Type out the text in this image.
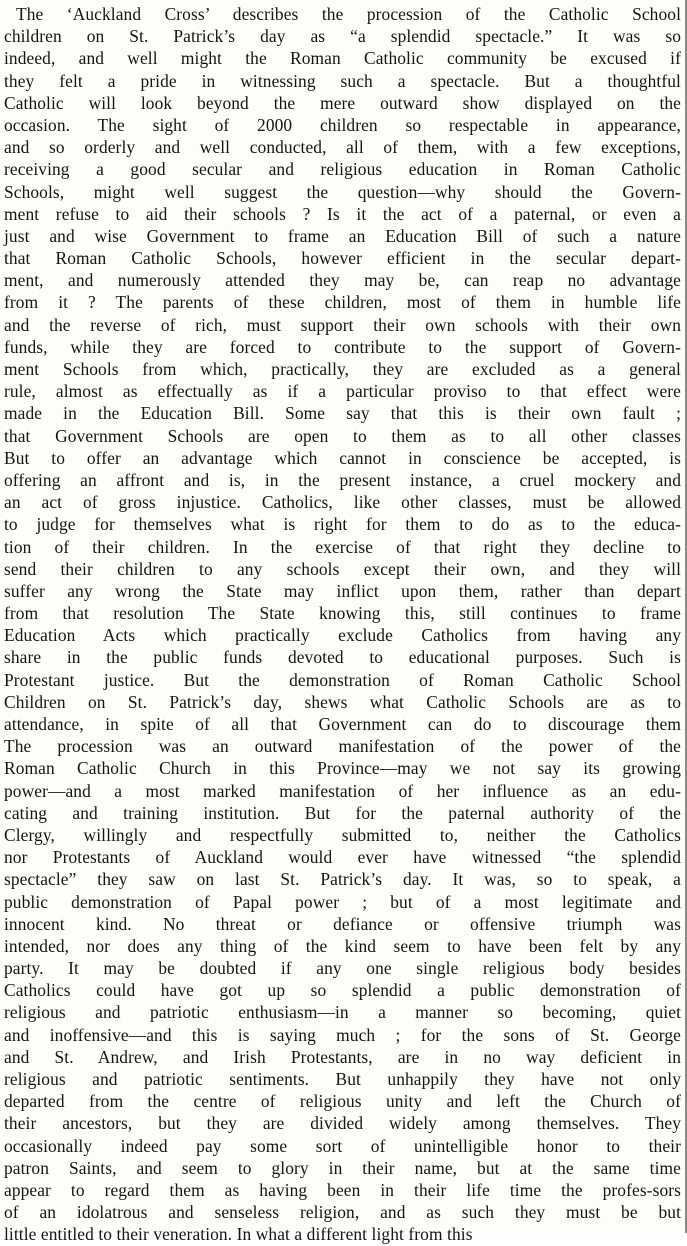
The ‘Auckland Cross’ describes the procession of the Catholic School
children on St. Patrick’s day as “a splendid spectacle.” It was so
indeed, and well might the Roman Catholic community be excused if
they felt a pride in witnessing such a spectacle. But a thoughtful
Catholic will look beyond the mere outward show displayed on the
occasion. The sight of 2000 children so respectable in appearance,
and so orderly and well conducted, all of them, with a few exceptions,
receiving a good secular and religious education in Roman Catholic
Schools, might well suggest the question—why should the Govern-
ment refuse to aid their schools ? Is it the act of a paternal, or even a
just and wise Government to frame an Education Bill of such a nature
that Roman Catholic Schools, however efficient in the secular depart-
ment, and numerously attended they may be, can reap no advantage
from it ? The parents of these children, most of them in humble life
and the reverse of rich, must support their own schools with their own
funds, while they are forced to contribute to the support of Govern-
ment Schools from which, practically, they are excluded as a general
rule, almost as effectually as if a particular proviso to that effect were
made in the Education Bill. Some say that this is their own fault ;
that Government Schools are open to them as to all other classes
But to offer an advantage which cannot in conscience be accepted, is
offering an affront and is, in the present instance, a cruel mockery and
an act of gross injustice. Catholics, like other classes, must be allowed
to judge for themselves what is right for them to do as to the educa-
tion of their children. In the exercise of that right they decline to
send their children to any schools except their own, and they will
suffer any wrong the State may inflict upon them, rather than depart
from that resolution The State knowing this, still continues to frame
Education Acts which practically exclude Catholics from having any
share in the public funds devoted to educational purposes. Such is
Protestant justice. But the demonstration of Roman Catholic School
Children on St. Patrick’s day, shews what Catholic Schools are as to
attendance, in spite of all that Government can do to discourage them
The procession was an outward manifestation of the power of the
Roman Catholic Church in this Province—may we not say its growing
power—and a most marked manifestation of her influence as an edu-
cating and training institution. But for the paternal authority of the
Clergy, willingly and respectfully submitted to, neither the Catholics
nor Protestants of Auckland would ever have witnessed “the splendid
spectacle” they saw on last St. Patrick’s day. It was, so to speak, a
public demonstration of Papal power ; but of a most legitimate and
innocent kind. No threat or defiance or offensive triumph was
intended, nor does any thing of the kind seem to have been felt by any
party. It may be doubted if any one single religious body besides
Catholics could have got up so splendid a public demonstration of
religious and patriotic enthusiasm—in a manner so becoming, quiet
and inoffensive—and this is saying much ; for the sons of St. George
and St. Andrew, and Irish Protestants, are in no way deficient in
religious and patriotic sentiments. But unhappily they have not only
departed from the centre of religious unity and left the Church of
their ancestors, but they are divided widely among themselves. They
occasionally indeed pay some sort of unintelligible honor to their
patron Saints, and seem to glory in their name, but at the same time
appear to regard them as having been in their life time the profes-sors
of an idolatrous and senseless religion, and as such they must be but
little entitled to their veneration. In what a different light from this
